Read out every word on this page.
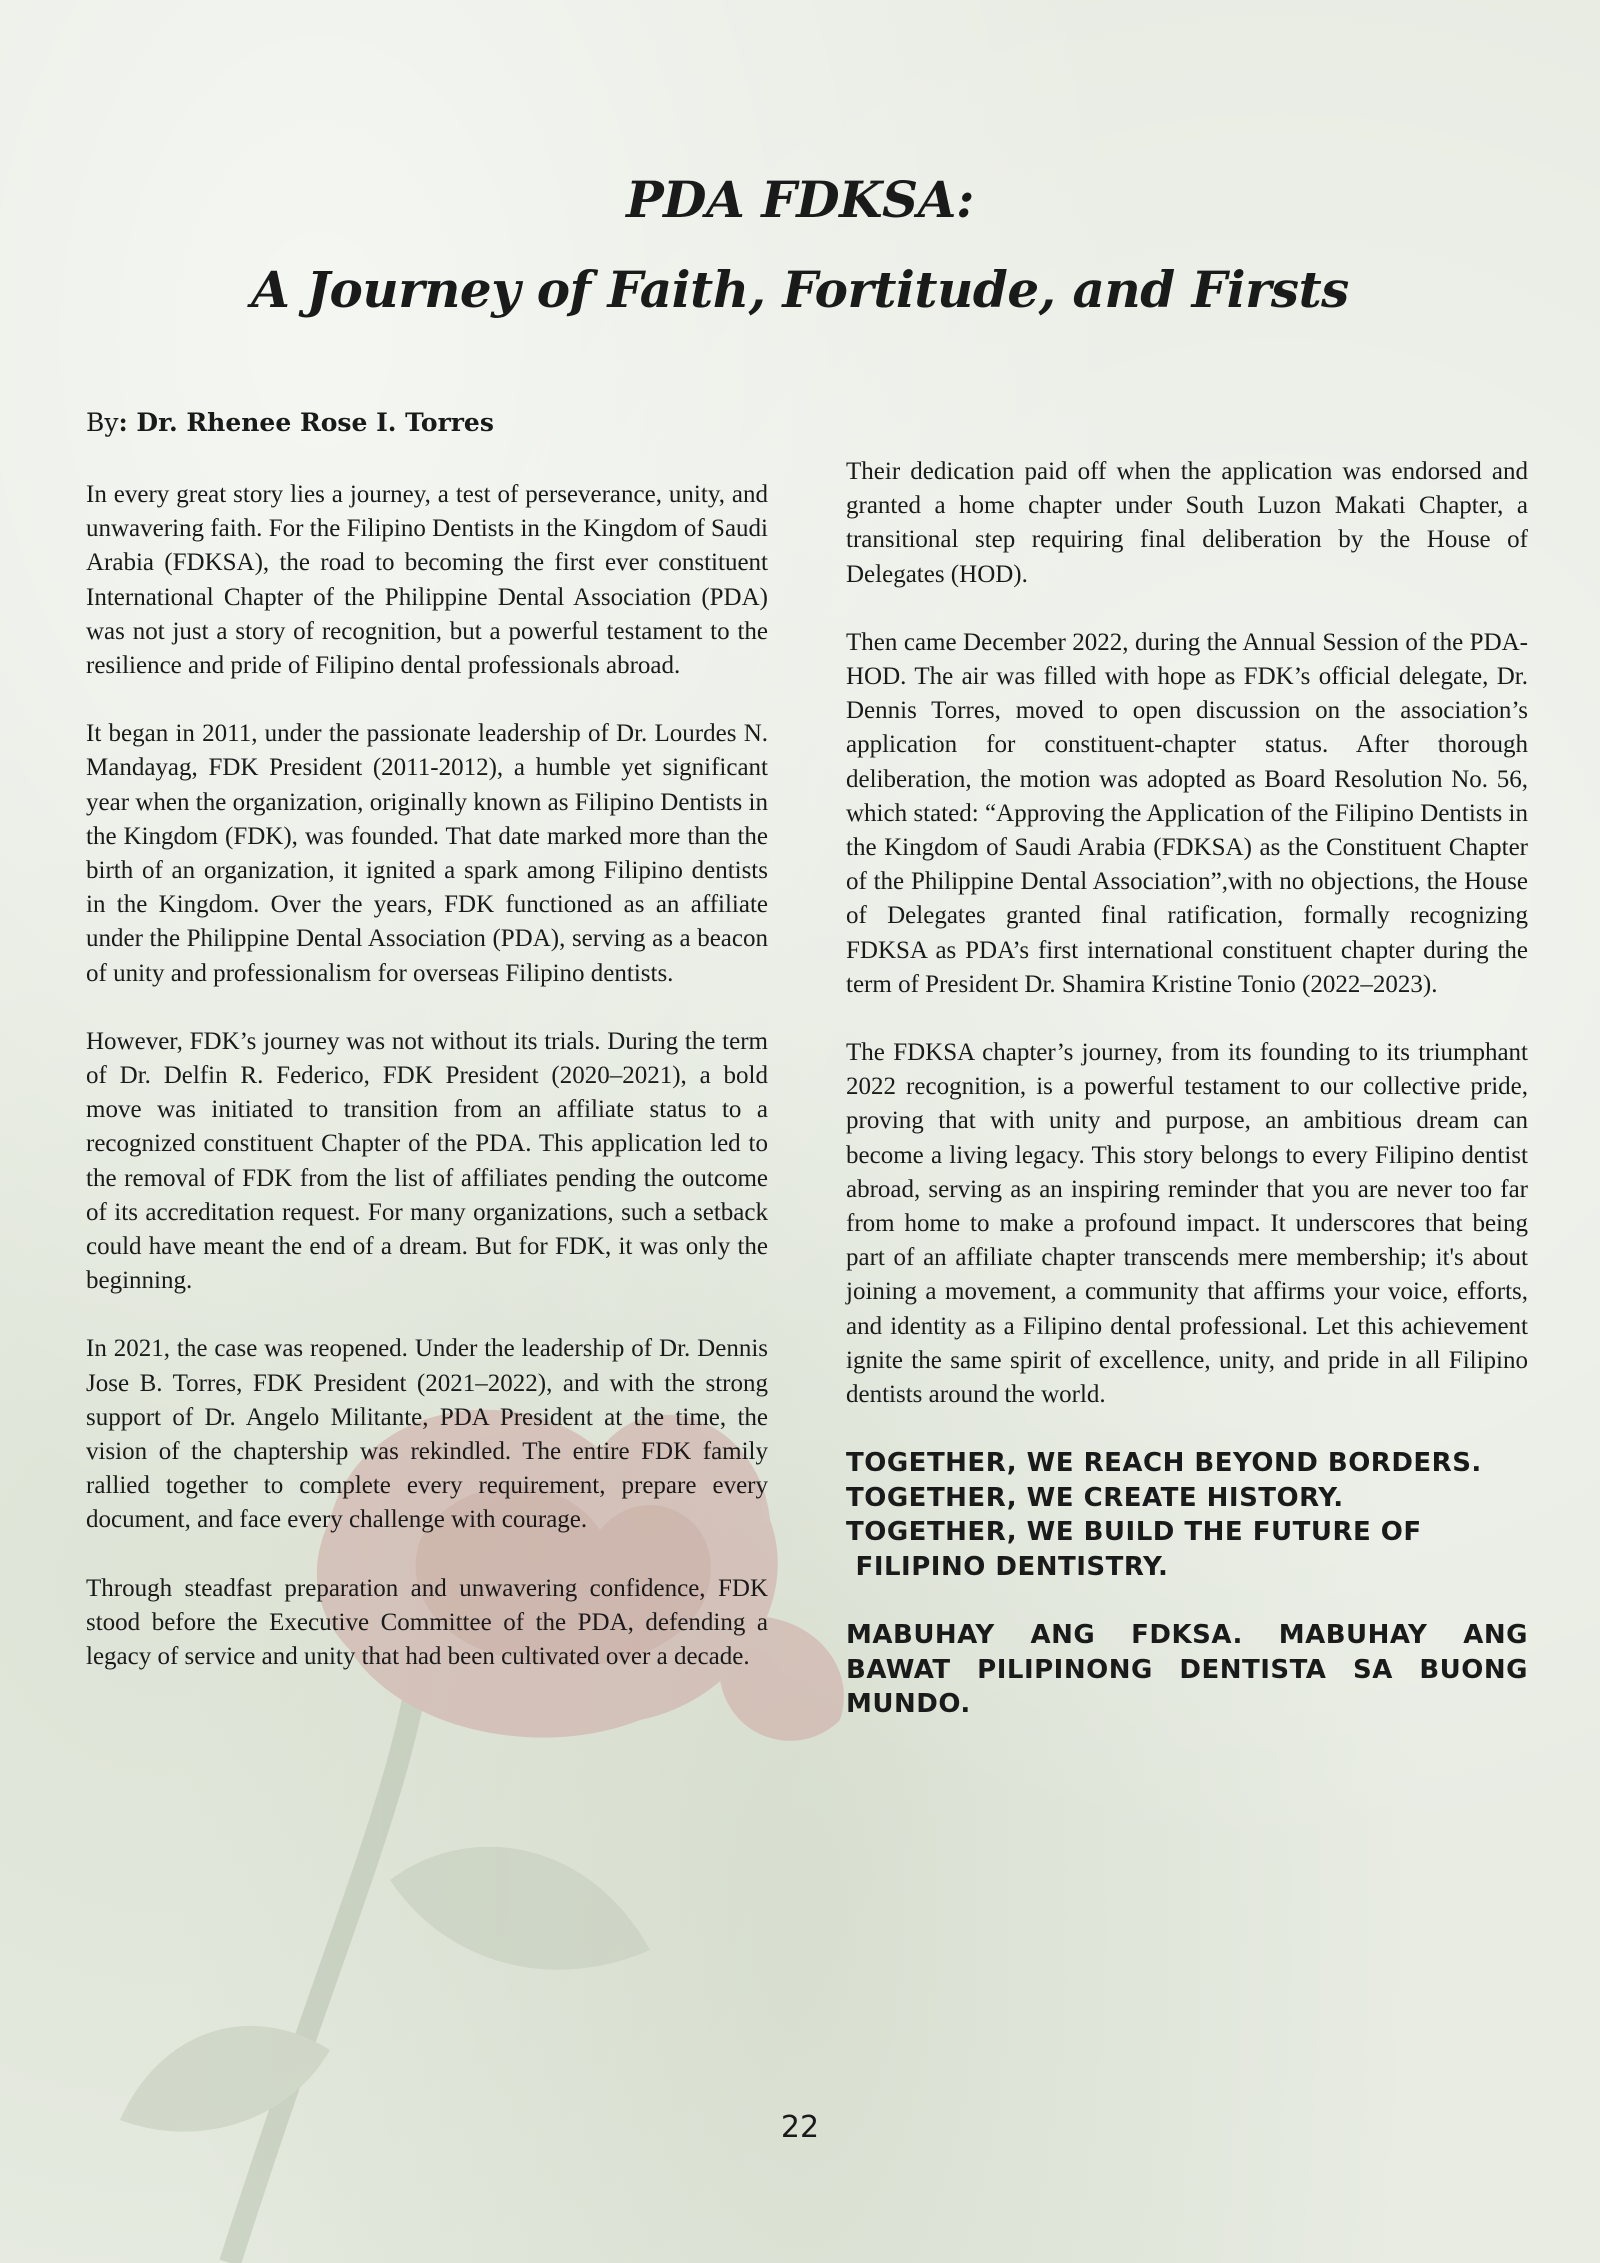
PDA FDKSA:
A Journey of Faith, Fortitude, and Firsts
By: Dr. Rhenee Rose I. Torres

In every great story lies a journey, a test of perseverance, unity, and unwavering faith. For the Filipino Dentists in the Kingdom of Saudi Arabia (FDKSA), the road to becoming the first ever constituent International Chapter of the Philippine Dental Association (PDA) was not just a story of recognition, but a powerful testament to the resilience and pride of Filipino dental professionals abroad.

It began in 2011, under the passionate leadership of Dr. Lourdes N. Mandayag, FDK President (2011-2012), a humble yet significant year when the organization, originally known as Filipino Dentists in the Kingdom (FDK), was founded. That date marked more than the birth of an organization, it ignited a spark among Filipino dentists in the Kingdom. Over the years, FDK functioned as an affiliate under the Philippine Dental Association (PDA), serving as a beacon of unity and professionalism for overseas Filipino dentists.

However, FDK’s journey was not without its trials. During the term of Dr. Delfin R. Federico, FDK President (2020–2021), a bold move was initiated to transition from an affiliate status to a recognized constituent Chapter of the PDA. This application led to the removal of FDK from the list of affiliates pending the outcome of its accreditation request. For many organizations, such a setback could have meant the end of a dream. But for FDK, it was only the beginning.

In 2021, the case was reopened. Under the leadership of Dr. Dennis Jose B. Torres, FDK President (2021–2022), and with the strong support of Dr. Angelo Militante, PDA President at the time, the vision of the chaptership was rekindled. The entire FDK family rallied together to complete every requirement, prepare every document, and face every challenge with courage.

Through steadfast preparation and unwavering confidence, FDK stood before the Executive Committee of the PDA, defending a legacy of service and unity that had been cultivated over a decade.

Their dedication paid off when the application was endorsed and granted a home chapter under South Luzon Makati Chapter, a transitional step requiring final deliberation by the House of Delegates (HOD).

Then came December 2022, during the Annual Session of the PDA-HOD. The air was filled with hope as FDK’s official delegate, Dr. Dennis Torres, moved to open discussion on the association’s application for constituent-chapter status. After thorough deliberation, the motion was adopted as Board Resolution No. 56, which stated: “Approving the Application of the Filipino Dentists in the Kingdom of Saudi Arabia (FDKSA) as the Constituent Chapter of the Philippine Dental Association”,with no objections, the House of Delegates granted final ratification, formally recognizing FDKSA as PDA’s first international constituent chapter during the term of President Dr. Shamira Kristine Tonio (2022–2023).

The FDKSA chapter’s journey, from its founding to its triumphant 2022 recognition, is a powerful testament to our collective pride, proving that with unity and purpose, an ambitious dream can become a living legacy. This story belongs to every Filipino dentist abroad, serving as an inspiring reminder that you are never too far from home to make a profound impact. It underscores that being part of an affiliate chapter transcends mere membership; it's about joining a movement, a community that affirms your voice, efforts, and identity as a Filipino dental professional. Let this achievement ignite the same spirit of excellence, unity, and pride in all Filipino dentists around the world.

TOGETHER, WE REACH BEYOND BORDERS.
TOGETHER, WE CREATE HISTORY.
TOGETHER, WE BUILD THE FUTURE OF
FILIPINO DENTISTRY.

MABUHAY ANG FDKSA. MABUHAY ANG BAWAT PILIPINONG DENTISTA SA BUONG MUNDO.

22
